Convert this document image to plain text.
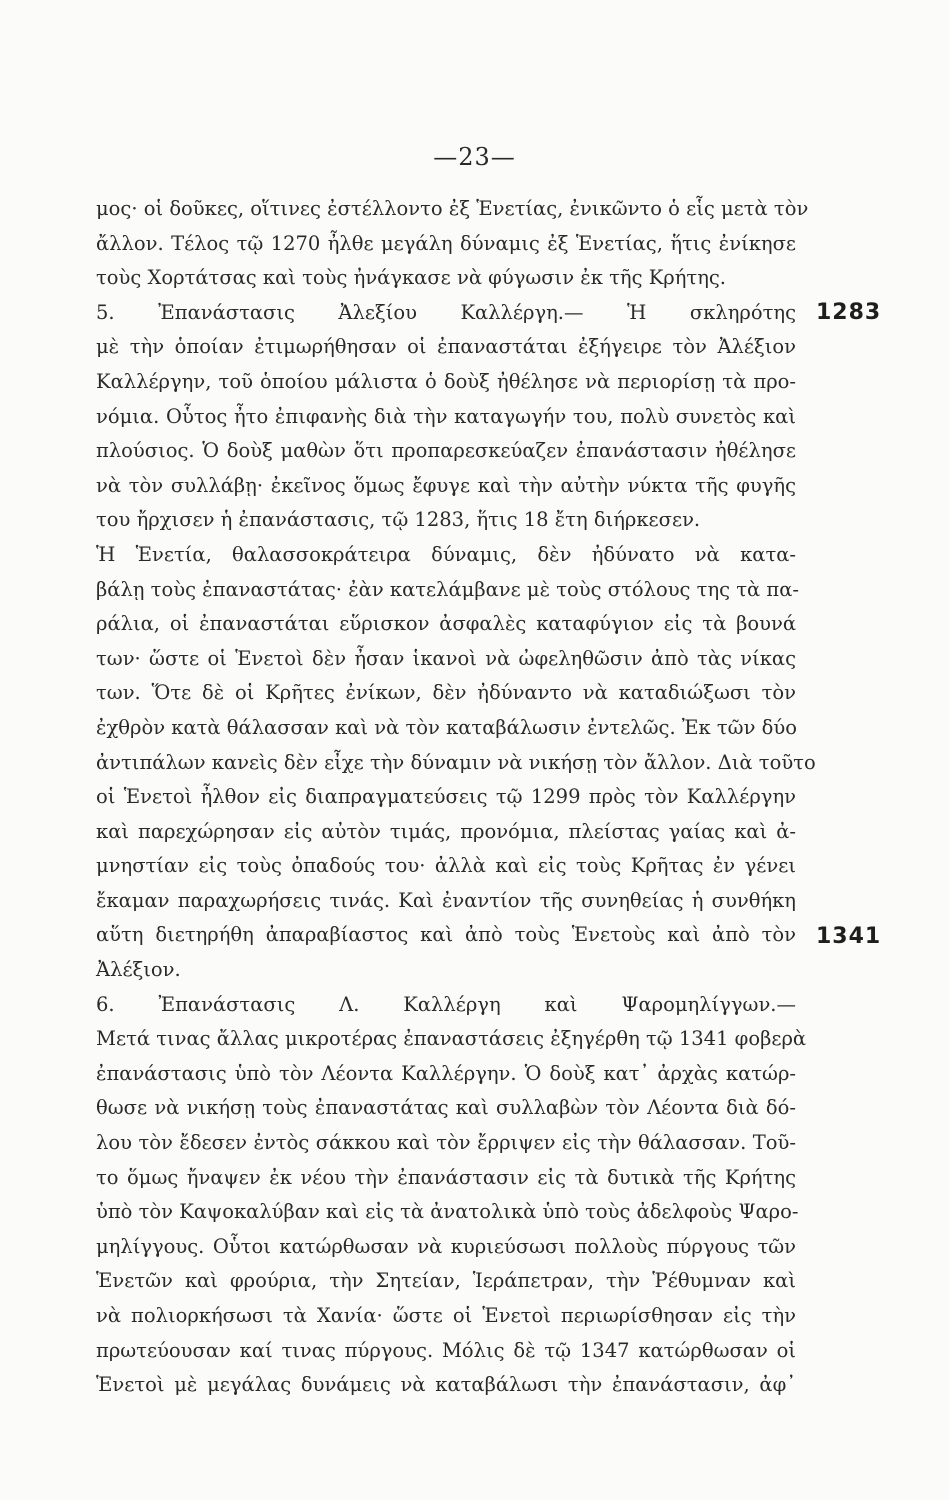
—23—
μος· οἱ δοῦκες, οἵτινες ἐστέλλοντο ἐξ Ἑνετίας, ἐνικῶντο ὁ εἷς μετὰ τὸν
ἄλλον. Τέλος τῷ 1270 ἦλθε μεγάλη δύναμις ἐξ Ἑνετίας, ἥτις ἐνίκησε
τοὺς Χορτάτσας καὶ τοὺς ἠνάγκασε νὰ φύγωσιν ἐκ τῆς Κρήτης.
5. Ἐπανάστασις Ἀλεξίου Καλλέργη.— Ἡ σκληρότης
μὲ τὴν ὁποίαν ἐτιμωρήθησαν οἱ ἐπαναστάται ἐξήγειρε τὸν Ἀλέξιον
Καλλέργην, τοῦ ὁποίου μάλιστα ὁ δοὺξ ἠθέλησε νὰ περιορίσῃ τὰ προ-
νόμια. Οὗτος ἦτο ἐπιφανὴς διὰ τὴν καταγωγήν του, πολὺ συνετὸς καὶ
πλούσιος. Ὁ δοὺξ μαθὼν ὅτι προπαρεσκεύαζεν ἐπανάστασιν ἠθέλησε
νὰ τὸν συλλάβῃ· ἐκεῖνος ὅμως ἔφυγε καὶ τὴν αὐτὴν νύκτα τῆς φυγῆς
του ἤρχισεν ἡ ἐπανάστασις, τῷ 1283, ἥτις 18 ἔτη διήρκεσεν.
Ἡ Ἑνετία, θαλασσοκράτειρα δύναμις, δὲν ἠδύνατο νὰ κατα-
βάλῃ τοὺς ἐπαναστάτας· ἐὰν κατελάμβανε μὲ τοὺς στόλους της τὰ πα-
ράλια, οἱ ἐπαναστάται εὕρισκον ἀσφαλὲς καταφύγιον εἰς τὰ βουνά
των· ὥστε οἱ Ἑνετοὶ δὲν ἦσαν ἱκανοὶ νὰ ὠφεληθῶσιν ἀπὸ τὰς νίκας
των. Ὅτε δὲ οἱ Κρῆτες ἐνίκων, δὲν ἠδύναντο νὰ καταδιώξωσι τὸν
ἐχθρὸν κατὰ θάλασσαν καὶ νὰ τὸν καταβάλωσιν ἐντελῶς. Ἐκ τῶν δύο
ἀντιπάλων κανεὶς δὲν εἶχε τὴν δύναμιν νὰ νικήσῃ τὸν ἄλλον. Διὰ τοῦτο
οἱ Ἑνετοὶ ἦλθον εἰς διαπραγματεύσεις τῷ 1299 πρὸς τὸν Καλλέργην
καὶ παρεχώρησαν εἰς αὐτὸν τιμάς, προνόμια, πλείστας γαίας καὶ ἀ-
μνηστίαν εἰς τοὺς ὀπαδούς του· ἀλλὰ καὶ εἰς τοὺς Κρῆτας ἐν γένει
ἔκαμαν παραχωρήσεις τινάς. Καὶ ἐναντίον τῆς συνηθείας ἡ συνθήκη
αὕτη διετηρήθη ἀπαραβίαστος καὶ ἀπὸ τοὺς Ἑνετοὺς καὶ ἀπὸ τὸν
Ἀλέξιον.
6. Ἐπανάστασις Λ. Καλλέργη καὶ Ψαρομηλίγγων.—
Μετά τινας ἄλλας μικροτέρας ἐπαναστάσεις ἐξηγέρθη τῷ 1341 φοβερὰ
ἐπανάστασις ὑπὸ τὸν Λέοντα Καλλέργην. Ὁ δοὺξ κατ᾽ ἀρχὰς κατώρ-
θωσε νὰ νικήσῃ τοὺς ἐπαναστάτας καὶ συλλαβὼν τὸν Λέοντα διὰ δό-
λου τὸν ἔδεσεν ἐντὸς σάκκου καὶ τὸν ἔρριψεν εἰς τὴν θάλασσαν. Τοῦ-
το ὅμως ἤναψεν ἐκ νέου τὴν ἐπανάστασιν εἰς τὰ δυτικὰ τῆς Κρήτης
ὑπὸ τὸν Καψοκαλύβαν καὶ εἰς τὰ ἀνατολικὰ ὑπὸ τοὺς ἀδελφοὺς Ψαρο-
μηλίγγους. Οὗτοι κατώρθωσαν νὰ κυριεύσωσι πολλοὺς πύργους τῶν
Ἑνετῶν καὶ φρούρια, τὴν Σητείαν, Ἱεράπετραν, τὴν Ῥέθυμναν καὶ
νὰ πολιορκήσωσι τὰ Χανία· ὥστε οἱ Ἑνετοὶ περιωρίσθησαν εἰς τὴν
πρωτεύουσαν καί τινας πύργους. Μόλις δὲ τῷ 1347 κατώρθωσαν οἱ
Ἑνετοὶ μὲ μεγάλας δυνάμεις νὰ καταβάλωσι τὴν ἐπανάστασιν, ἀφ᾽
1283
1341
